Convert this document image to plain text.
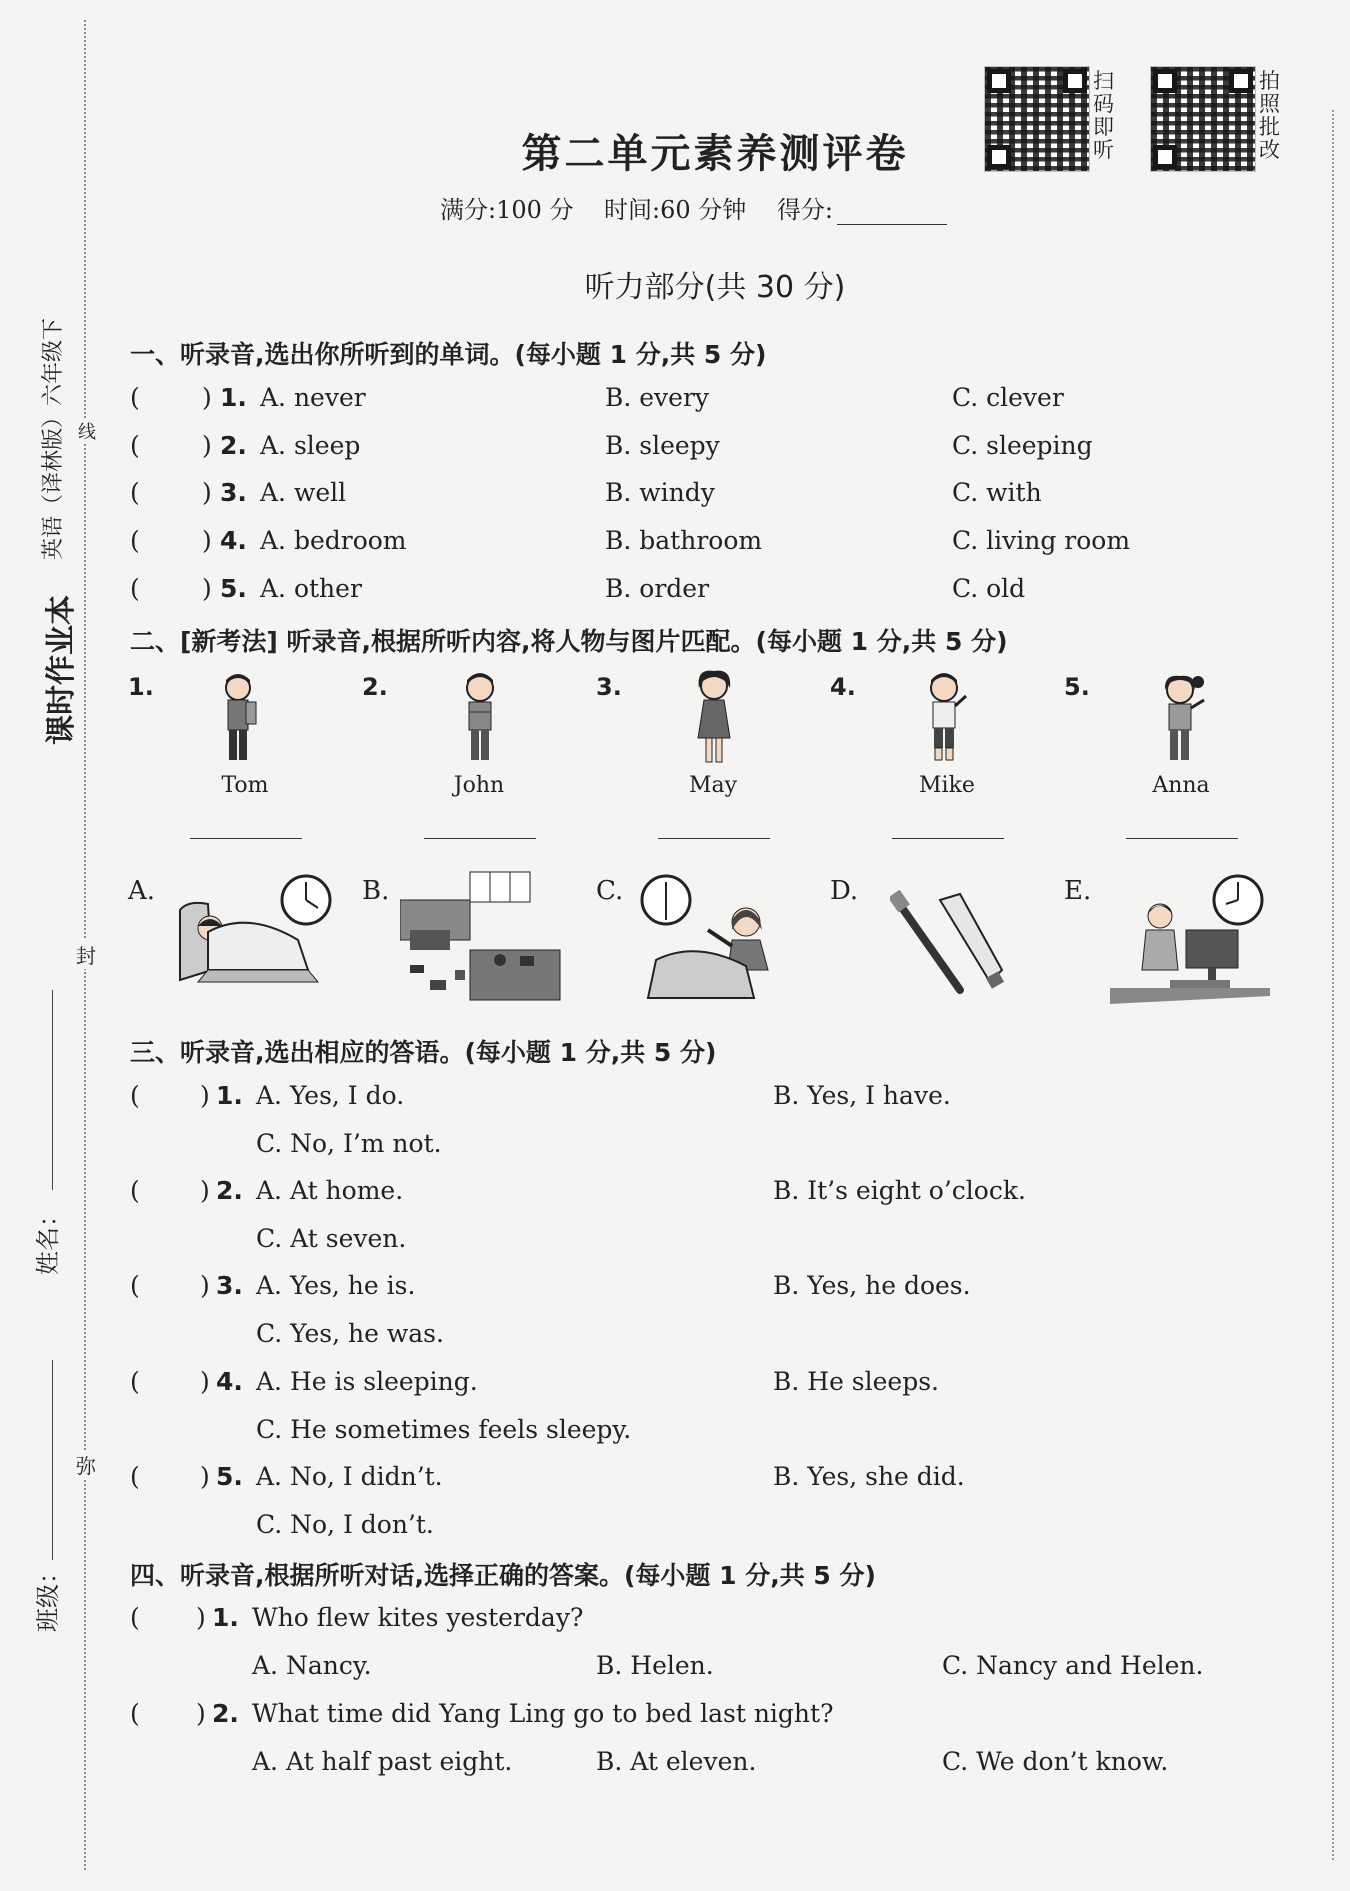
课时作业本
英语（译林版）六年级下 线
封
弥
姓名：
班级：
扫码即听
拍照批改
第二单元素养测评卷
满分:100 分 时间:60 分钟 得分:
听力部分(共 30 分)
一、听录音,选出你所听到的单词。(每小题 1 分,共 5 分)
( ) 1. A. never	B. every	C. clever
( ) 2. A. sleep	B. sleepy	C. sleeping
( ) 3. A. well	B. windy	C. with
( ) 4. A. bedroom	B. bathroom	C. living room
( ) 5. A. other	B. order	C. old
二、[新考法] 听录音,根据所听内容,将人物与图片匹配。(每小题 1 分,共 5 分)
1.	2.	3.	4.	5.
Tom	John	May	Mike	Anna
A.	B.	C.	D.	E.
三、听录音,选出相应的答语。(每小题 1 分,共 5 分)
( ) 1. A. Yes, I do.	B. Yes, I have.
C. No, I’m not.
( ) 2. A. At home.	B. It’s eight o’clock.
C. At seven.
( ) 3. A. Yes, he is.	B. Yes, he does.
C. Yes, he was.
( ) 4. A. He is sleeping.	B. He sleeps.
C. He sometimes feels sleepy.
( ) 5. A. No, I didn’t.	B. Yes, she did.
C. No, I don’t.
四、听录音,根据所听对话,选择正确的答案。(每小题 1 分,共 5 分)
( ) 1. Who flew kites yesterday?
A. Nancy.	B. Helen.	C. Nancy and Helen.
( ) 2. What time did Yang Ling go to bed last night?
A. At half past eight.	B. At eleven.	C. We don’t know.
